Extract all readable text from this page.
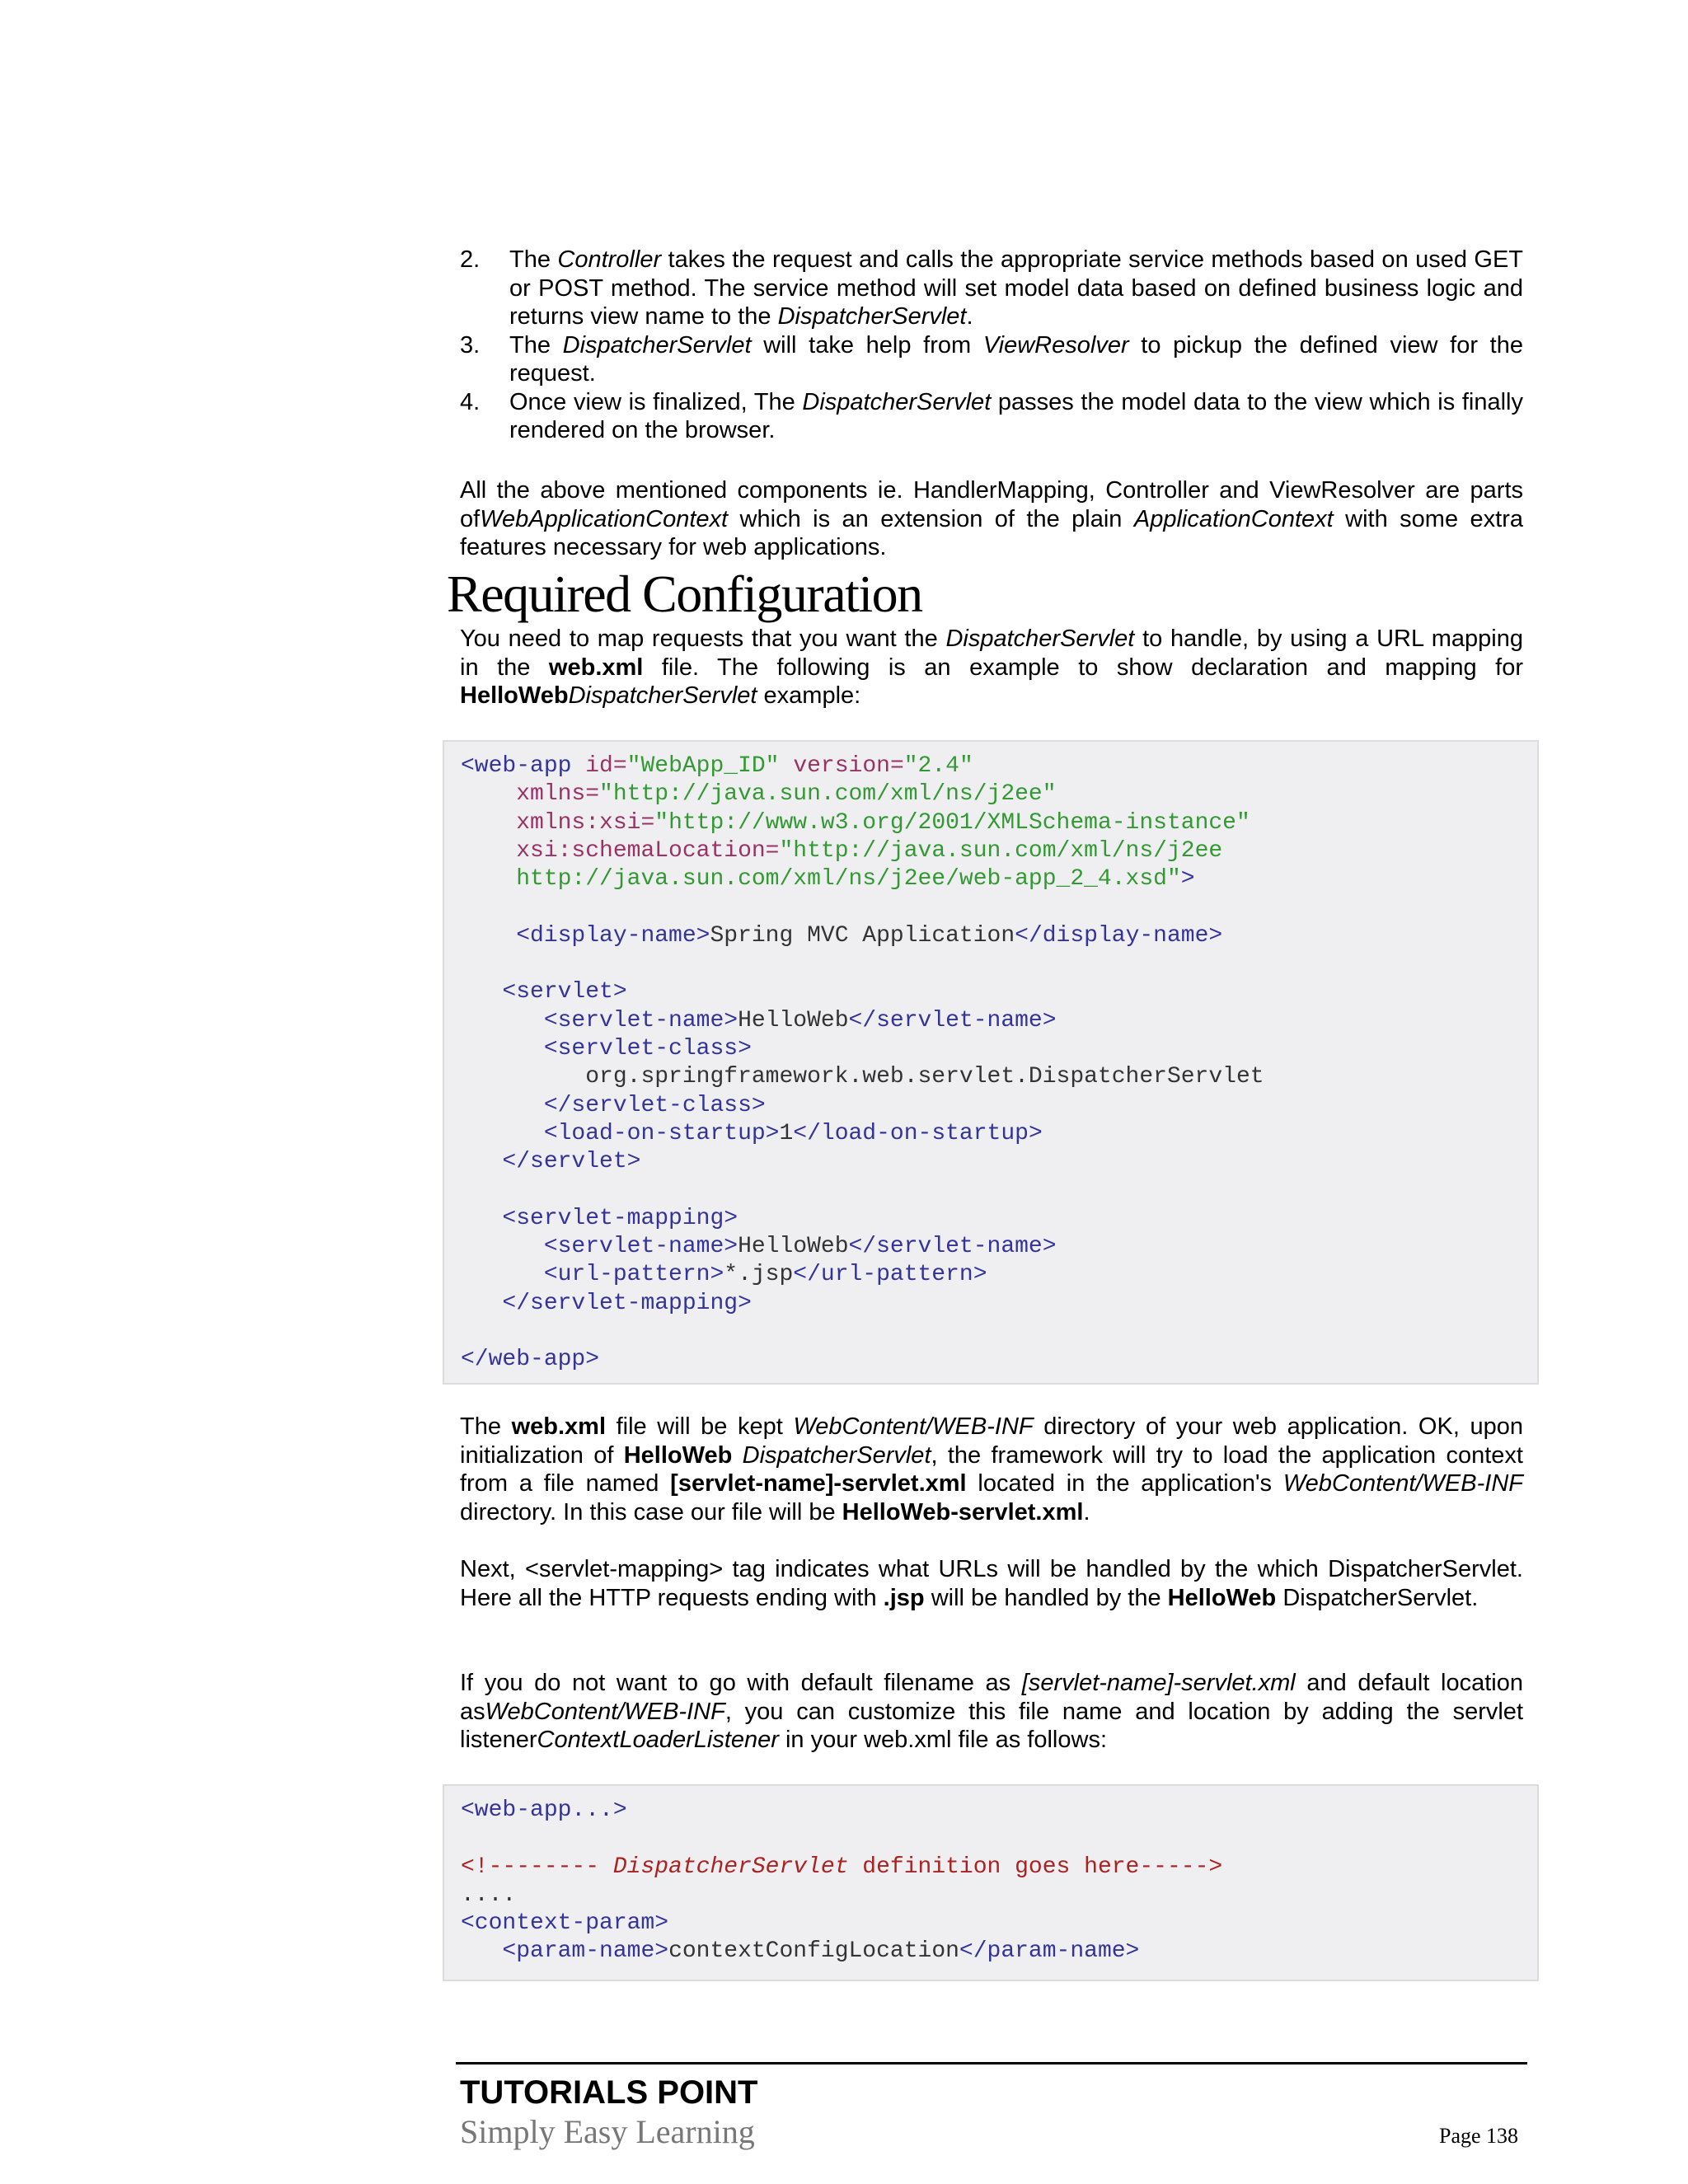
2. The Controller takes the request and calls the appropriate service methods based on used GET or POST method. The service method will set model data based on defined business logic and returns view name to the DispatcherServlet.
3. The DispatcherServlet will take help from ViewResolver to pickup the defined view for the request.
4. Once view is finalized, The DispatcherServlet passes the model data to the view which is finally rendered on the browser.

All the above mentioned components ie. HandlerMapping, Controller and ViewResolver are parts ofWebApplicationContext which is an extension of the plain ApplicationContext with some extra features necessary for web applications.

Required Configuration

You need to map requests that you want the DispatcherServlet to handle, by using a URL mapping in the web.xml file. The following is an example to show declaration and mapping for HelloWebDispatcherServlet example:

<web-app id="WebApp_ID" version="2.4"
xmlns="http://java.sun.com/xml/ns/j2ee"
xmlns:xsi="http://www.w3.org/2001/XMLSchema-instance"
xsi:schemaLocation="http://java.sun.com/xml/ns/j2ee
http://java.sun.com/xml/ns/j2ee/web-app_2_4.xsd">

<display-name>Spring MVC Application</display-name>

<servlet>
<servlet-name>HelloWeb</servlet-name>
<servlet-class>
org.springframework.web.servlet.DispatcherServlet
</servlet-class>
<load-on-startup>1</load-on-startup>
</servlet>

<servlet-mapping>
<servlet-name>HelloWeb</servlet-name>
<url-pattern>*.jsp</url-pattern>
</servlet-mapping>

</web-app>

The web.xml file will be kept WebContent/WEB-INF directory of your web application. OK, upon initialization of HelloWeb DispatcherServlet, the framework will try to load the application context from a file named [servlet-name]-servlet.xml located in the application's WebContent/WEB-INF directory. In this case our file will be HelloWeb-servlet.xml.

Next, <servlet-mapping> tag indicates what URLs will be handled by the which DispatcherServlet. Here all the HTTP requests ending with .jsp will be handled by the HelloWeb DispatcherServlet.

If you do not want to go with default filename as [servlet-name]-servlet.xml and default location asWebContent/WEB-INF, you can customize this file name and location by adding the servlet listenerContextLoaderListener in your web.xml file as follows:

<web-app...>

<!-------- DispatcherServlet definition goes here----->
....
<context-param>
<param-name>contextConfigLocation</param-name>
TUTORIALS POINT
Simply Easy Learning	Page 138
